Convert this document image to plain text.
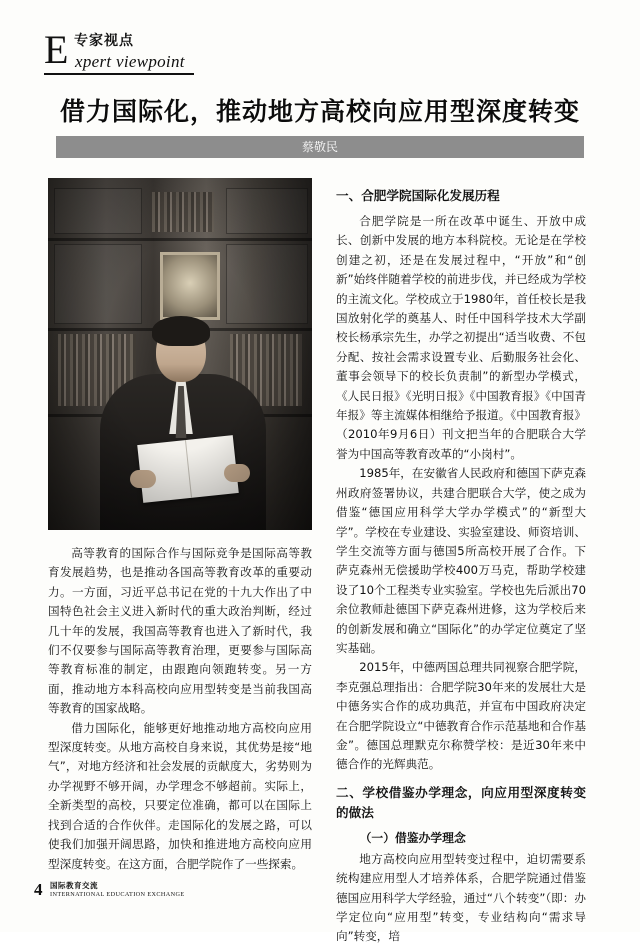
E 专家视点
xpert viewpoint
借力国际化，推动地方高校向应用型深度转变
蔡敬民

高等教育的国际合作与国际竞争是国际高等教育发展趋势，也是推动各国高等教育改革的重要动力。一方面，习近平总书记在党的十九大作出了中国特色社会主义进入新时代的重大政治判断，经过几十年的发展，我国高等教育也进入了新时代，我们不仅要参与国际高等教育治理，更要参与国际高等教育标准的制定，由跟跑向领跑转变。另一方面，推动地方本科高校向应用型转变是当前我国高等教育的国家战略。

借力国际化，能够更好地推动地方高校向应用型深度转变。从地方高校自身来说，其优势是接“地气”，对地方经济和社会发展的贡献度大，劣势则为办学视野不够开阔，办学理念不够超前。实际上，全新类型的高校，只要定位准确，都可以在国际上找到合适的合作伙伴。走国际化的发展之路，可以使我们加强开阔思路，加快和推进地方高校向应用型深度转变。在这方面，合肥学院作了一些探索。

一、合肥学院国际化发展历程

合肥学院是一所在改革中诞生、开放中成长、创新中发展的地方本科院校。无论是在学校创建之初，还是在发展过程中，“开放”和“创新”始终伴随着学校的前进步伐，并已经成为学校的主流文化。学校成立于1980年，首任校长是我国放射化学的奠基人、时任中国科学技术大学副校长杨承宗先生，办学之初提出“适当收费、不包分配、按社会需求设置专业、后勤服务社会化、董事会领导下的校长负责制”的新型办学模式，《人民日报》《光明日报》《中国教育报》《中国青年报》等主流媒体相继给予报道。《中国教育报》（2010年9月6日）刊文把当年的合肥联合大学誉为中国高等教育改革的“小岗村”。

1985年，在安徽省人民政府和德国下萨克森州政府签署协议，共建合肥联合大学，使之成为借鉴“德国应用科学大学办学模式”的“新型大学”。学校在专业建设、实验室建设、师资培训、学生交流等方面与德国5所高校开展了合作。下萨克森州无偿援助学校400万马克，帮助学校建设了10个工程类专业实验室。学校也先后派出70余位教师赴德国下萨克森州进修，这为学校后来的创新发展和确立“国际化”的办学定位奠定了坚实基础。

2015年，中德两国总理共同视察合肥学院，李克强总理指出：合肥学院30年来的发展壮大是中德务实合作的成功典范，并宣布中国政府决定在合肥学院设立“中德教育合作示范基地和合作基金”。德国总理默克尔称赞学校：是近30年来中德合作的光辉典范。

二、学校借鉴办学理念，向应用型深度转变的做法
（一）借鉴办学理念

地方高校向应用型转变过程中，迫切需要系统构建应用型人才培养体系，合肥学院通过借鉴德国应用科学大学经验，通过“八个转变”（即：办学定位向“应用型”转变，专业结构向“需求导向”转变，培

4 国际教育交流
INTERNATIONAL EDUCATION EXCHANGE
